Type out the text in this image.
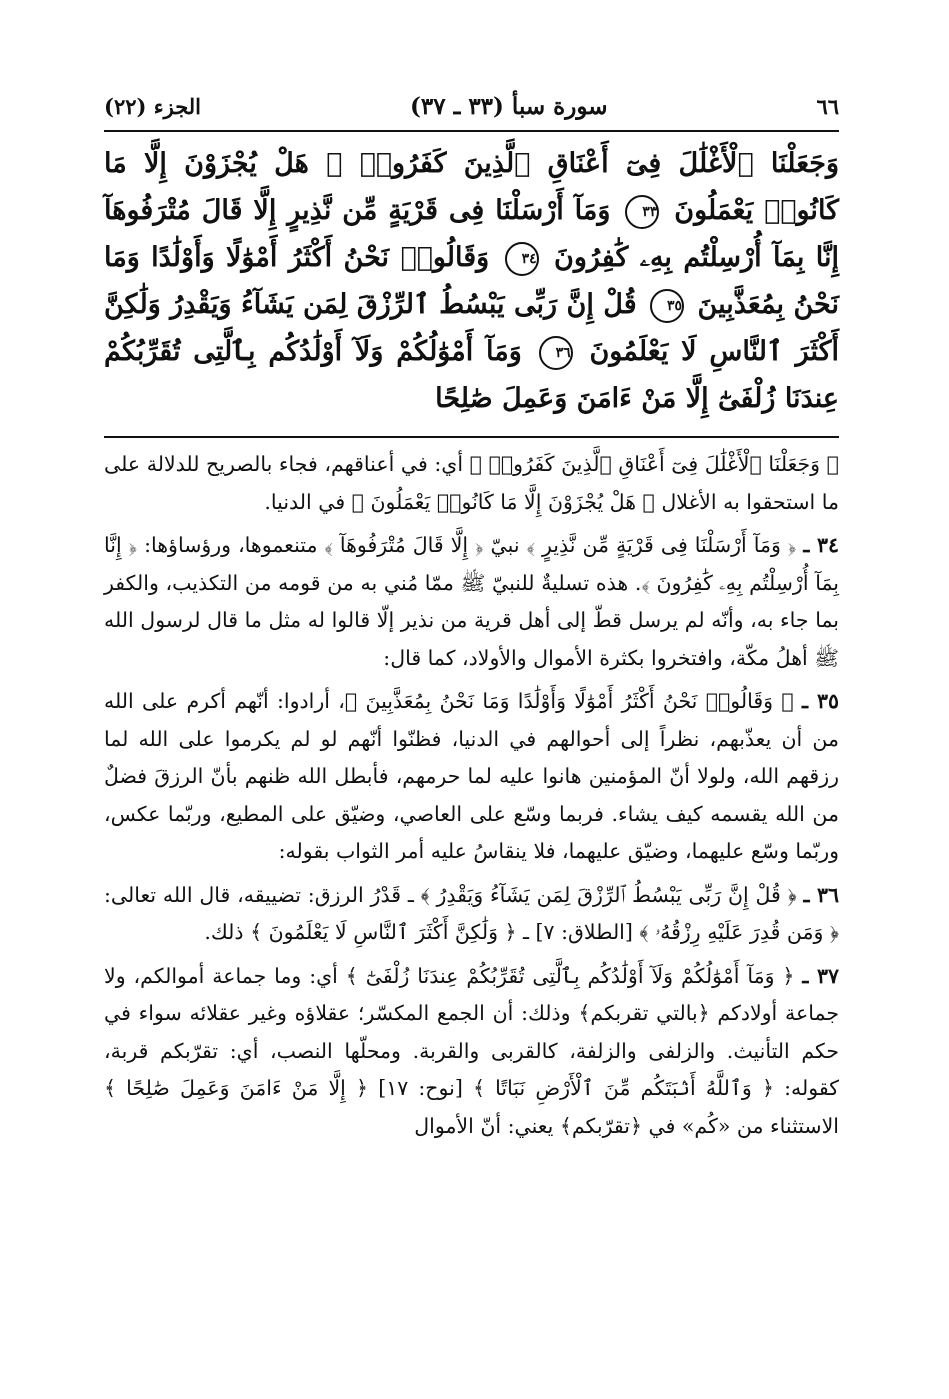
٦٦
سورة سبأ (٣٣ ـ ٣٧)
الجزء (٢٢)
وَجَعَلْنَا ٱلْأَغْلَٰلَ فِىٓ أَعْنَاقِ ٱلَّذِينَ كَفَرُوا۟ ۚ هَلْ يُجْزَوْنَ إِلَّا مَا كَانُوا۟ يَعْمَلُونَ ٣٣ وَمَآ أَرْسَلْنَا فِى قَرْيَةٍ مِّن نَّذِيرٍ إِلَّا قَالَ مُتْرَفُوهَآ إِنَّا بِمَآ أُرْسِلْتُم بِهِۦ كَٰفِرُونَ ٣٤ وَقَالُوا۟ نَحْنُ أَكْثَرُ أَمْوَٰلًا وَأَوْلَٰدًا وَمَا نَحْنُ بِمُعَذَّبِينَ ٣٥ قُلْ إِنَّ رَبِّى يَبْسُطُ ٱلرِّزْقَ لِمَن يَشَآءُ وَيَقْدِرُ وَلَٰكِنَّ أَكْثَرَ ٱلنَّاسِ لَا يَعْلَمُونَ ٣٦ وَمَآ أَمْوَٰلُكُمْ وَلَآ أَوْلَٰدُكُم بِٱلَّتِى تُقَرِّبُكُمْ عِندَنَا زُلْفَىٰٓ إِلَّا مَنْ ءَامَنَ وَعَمِلَ صَٰلِحًا

﴿ وَجَعَلْنَا ٱلْأَغْلَٰلَ فِىٓ أَعْنَاقِ ٱلَّذِينَ كَفَرُوا۟ ﴾ أي: في أعناقهم، فجاء بالصريح للدلالة على ما استحقوا به الأغلال ﴿ هَلْ يُجْزَوْنَ إِلَّا مَا كَانُوا۟ يَعْمَلُونَ ﴾ في الدنيا.

٣٤ ـ ﴿ وَمَآ أَرْسَلْنَا فِى قَرْيَةٍ مِّن نَّذِيرٍ ﴾ نبيّ ﴿ إِلَّا قَالَ مُتْرَفُوهَآ ﴾ متنعموها، ورؤساؤها: ﴿ إِنَّا بِمَآ أُرْسِلْتُم بِهِۦ كَٰفِرُونَ ﴾. هذه تسليةٌ للنبيّ ﷺ ممّا مُني به من قومه من التكذيب، والكفر بما جاء به، وأنّه لم يرسل قطّ إلى أهل قرية من نذير إلّا قالوا له مثل ما قال لرسول الله ﷺ أهلُ مكّة، وافتخروا بكثرة الأموال والأولاد، كما قال:

٣٥ ـ ﴿ وَقَالُوا۟ نَحْنُ أَكْثَرُ أَمْوَٰلًا وَأَوْلَٰدًا وَمَا نَحْنُ بِمُعَذَّبِينَ ﴾، أرادوا: أنّهم أكرم على الله من أن يعذّبهم، نظراً إلى أحوالهم في الدنيا، فظنّوا أنّهم لو لم يكرموا على الله لما رزقهم الله، ولولا أنّ المؤمنين هانوا عليه لما حرمهم، فأبطل الله ظنهم بأنّ الرزقَ فضلٌ من الله يقسمه كيف يشاء. فربما وسّع على العاصي، وضيّق على المطيع، وربّما عكس، وربّما وسّع عليهما، وضيّق عليهما، فلا ينقاسُ عليه أمر الثواب بقوله:

٣٦ ـ ﴿ قُلْ إِنَّ رَبِّى يَبْسُطُ ٱلرِّزْقَ لِمَن يَشَآءُ وَيَقْدِرُ ﴾ ـ قَدْرُ الرزق: تضييقه، قال الله تعالى: ﴿ وَمَن قُدِرَ عَلَيْهِ رِزْقُهُۥ ﴾ [الطلاق: ٧] ـ ﴿ وَلَٰكِنَّ أَكْثَرَ ٱلنَّاسِ لَا يَعْلَمُونَ ﴾ ذلك.

٣٧ ـ ﴿ وَمَآ أَمْوَٰلُكُمْ وَلَآ أَوْلَٰدُكُم بِٱلَّتِى تُقَرِّبُكُمْ عِندَنَا زُلْفَىٰٓ ﴾ أي: وما جماعة أموالكم، ولا جماعة أولادكم ﴿بالتي تقربكم﴾ وذلك: أن الجمع المكسّر؛ عقلاؤه وغير عقلائه سواء في حكم التأنيث. والزلفى والزلفة، كالقربى والقربة. ومحلّها النصب، أي: تقرّبكم قربة، كقوله: ﴿ وَٱللَّهُ أَنۢبَتَكُم مِّنَ ٱلْأَرْضِ نَبَاتًا ﴾ [نوح: ١٧] ﴿ إِلَّا مَنْ ءَامَنَ وَعَمِلَ صَٰلِحًا ﴾ الاستثناء من «كُم» في ﴿تقرّبكم﴾ يعني: أنّ الأموال
